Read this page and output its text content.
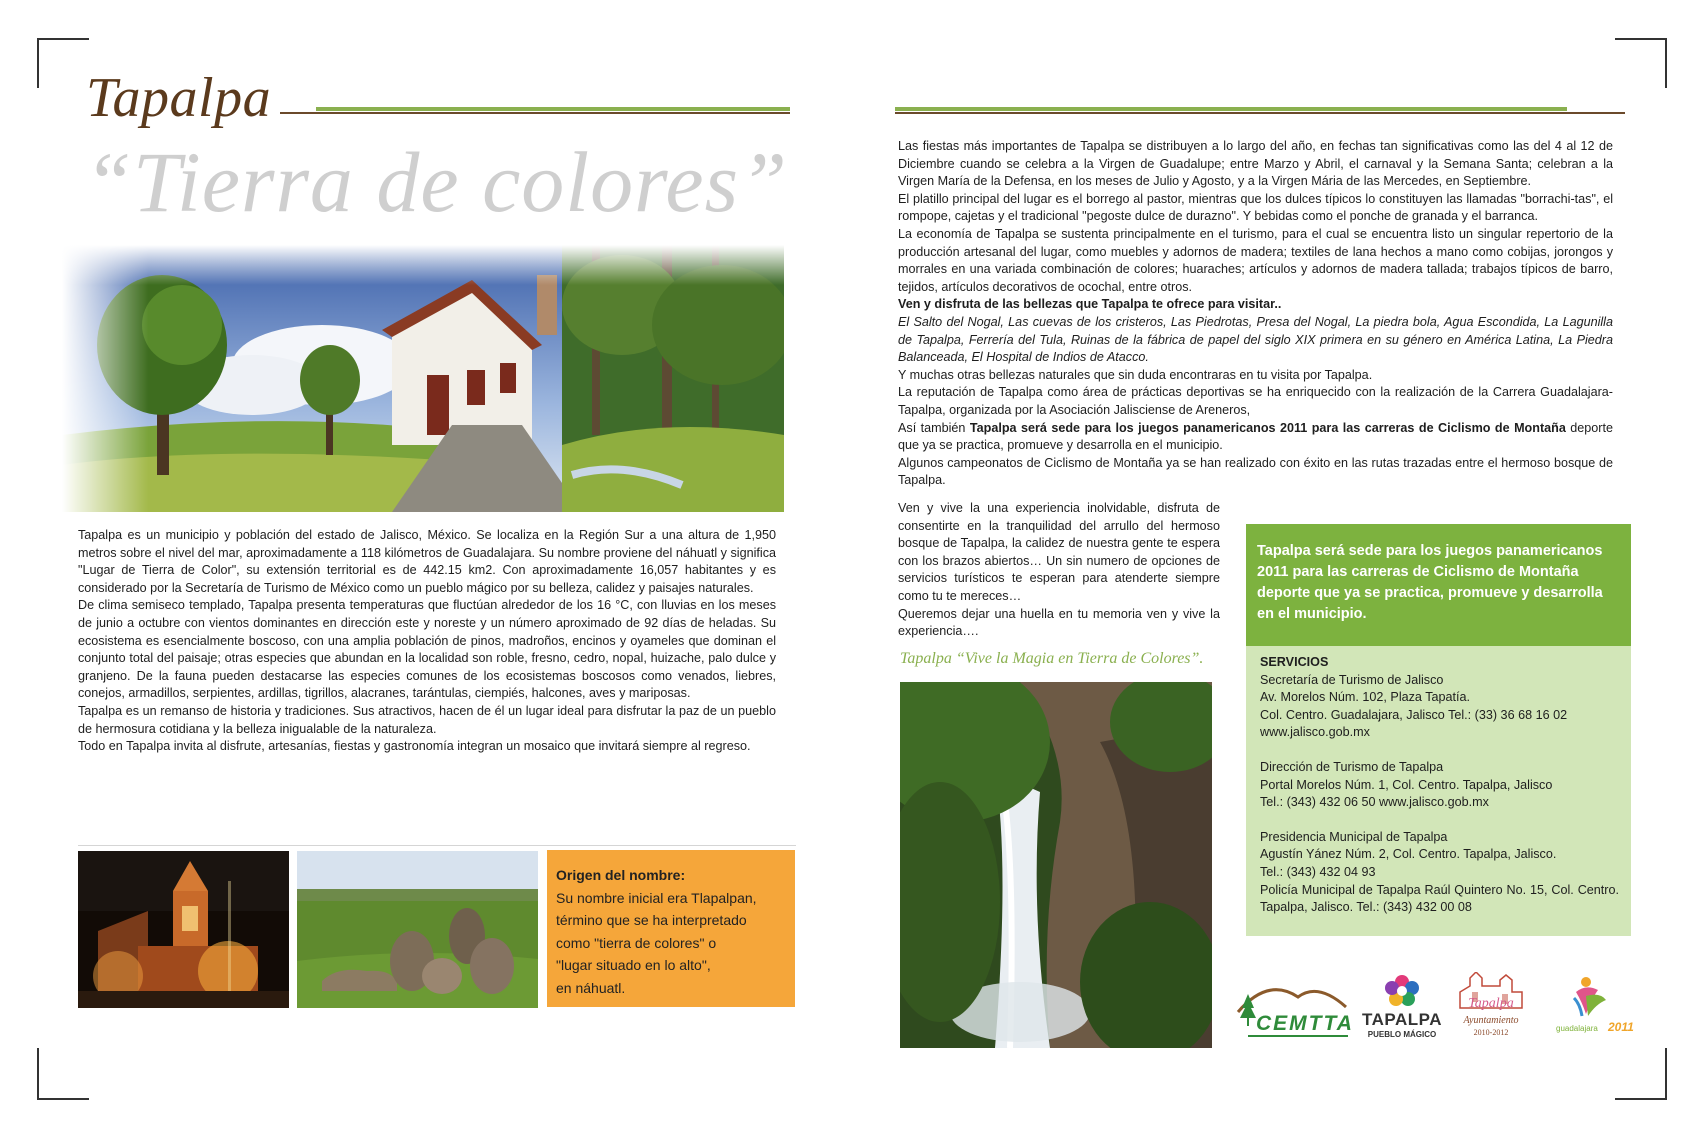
Tapalpa
“Tierra de colores”

Tapalpa es un municipio y población del estado de Jalisco, México. Se localiza en la Región Sur a una altura de 1,950 metros sobre el nivel del mar, aproximadamente a 118 kilómetros de Guadalajara. Su nombre proviene del náhuatl y significa "Lugar de Tierra de Color", su extensión territorial es de 442.15 km2. Con aproximadamente 16,057 habitantes y es considerado por la Secretaría de Turismo de México como un pueblo mágico por su belleza, calidez y paisajes naturales.

De clima semiseco templado, Tapalpa presenta temperaturas que fluctúan alrededor de los 16 °C, con lluvias en los meses de junio a octubre con vientos dominantes en dirección este y noreste y un número aproximado de 92 días de heladas. Su ecosistema es esencialmente boscoso, con una amplia población de pinos, madroños, encinos y oyameles que dominan el conjunto total del paisaje; otras especies que abundan en la localidad son roble, fresno, cedro, nopal, huizache, palo dulce y granjeno. De la fauna pueden destacarse las especies comunes de los ecosistemas boscosos como venados, liebres, conejos, armadillos, serpientes, ardillas, tigrillos, alacranes, tarántulas, ciempiés, halcones, aves y mariposas.

Tapalpa es un remanso de historia y tradiciones. Sus atractivos, hacen de él un lugar ideal para disfrutar la paz de un pueblo de hermosura cotidiana y la belleza inigualable de la naturaleza.

Todo en Tapalpa invita al disfrute, artesanías, fiestas y gastronomía integran un mosaico que invitará siempre al regreso.

Origen del nombre:
Su nombre inicial era Tlapalpan,
término que se ha interpretado
como "tierra de colores" o
"lugar situado en lo alto",
en náhuatl.

Las fiestas más importantes de Tapalpa se distribuyen a lo largo del año, en fechas tan significativas como las del 4 al 12 de Diciembre cuando se celebra a la Virgen de Guadalupe; entre Marzo y Abril, el carnaval y la Semana Santa; celebran a la Virgen María de la Defensa, en los meses de Julio y Agosto, y a la Virgen Mária de las Mercedes, en Septiembre.

El platillo principal del lugar es el borrego al pastor, mientras que los dulces típicos lo constituyen las llamadas "borrachi-tas", el rompope, cajetas y el tradicional "pegoste dulce de durazno". Y bebidas como el ponche de granada y el barranca.

La economía de Tapalpa se sustenta principalmente en el turismo, para el cual se encuentra listo un singular repertorio de la producción artesanal del lugar, como muebles y adornos de madera; textiles de lana hechos a mano como cobijas, jorongos y morrales en una variada combinación de colores; huaraches; artículos y adornos de madera tallada; trabajos típicos de barro, tejidos, artículos decorativos de ocochal, entre otros.

Ven y disfruta de las bellezas que Tapalpa te ofrece para visitar..

El Salto del Nogal, Las cuevas de los cristeros, Las Piedrotas, Presa del Nogal, La piedra bola, Agua Escondida, La Lagunilla de Tapalpa, Ferrería del Tula, Ruinas de la fábrica de papel del siglo XIX primera en su género en América Latina, La Piedra Balanceada, El Hospital de Indios de Atacco.

Y muchas otras bellezas naturales que sin duda encontraras en tu visita por Tapalpa.

La reputación de Tapalpa como área de prácticas deportivas se ha enriquecido con la realización de la Carrera Guadalajara-Tapalpa, organizada por la Asociación Jalisciense de Areneros,

Así también Tapalpa será sede para los juegos panamericanos 2011 para las carreras de Ciclismo de Montaña deporte que ya se practica, promueve y desarrolla en el municipio.

Algunos campeonatos de Ciclismo de Montaña ya se han realizado con éxito en las rutas trazadas entre el hermoso bosque de Tapalpa.

Ven y vive la una experiencia inolvidable, disfruta de consentirte en la tranquilidad del arrullo del hermoso bosque de Tapalpa, la calidez de nuestra gente te espera con los brazos abiertos… Un sin numero de opciones de servicios turísticos te esperan para atenderte siempre como tu te mereces…

Queremos dejar una huella en tu memoria ven y vive la experiencia….

Tapalpa “Vive la Magia en Tierra de Colores”.
Tapalpa será sede para los juegos panamericanos 2011 para las carreras de Ciclismo de Montaña deporte que ya se practica, promueve y desarrolla en el municipio.
SERVICIOS
Secretaría de Turismo de Jalisco
Av. Morelos Núm. 102, Plaza Tapatía.
Col. Centro. Guadalajara, Jalisco Tel.: (33) 36 68 16 02
www.jalisco.gob.mx
Dirección de Turismo de Tapalpa
Portal Morelos Núm. 1, Col. Centro. Tapalpa, Jalisco
Tel.: (343) 432 06 50 www.jalisco.gob.mx
Presidencia Municipal de Tapalpa
Agustín Yánez Núm. 2, Col. Centro. Tapalpa, Jalisco.
Tel.: (343) 432 04 93
Policía Municipal de Tapalpa Raúl Quintero No. 15, Col. Centro. Tapalpa, Jalisco. Tel.: (343) 432 00 08
CEMTTA TAPALPA
PUEBLO MÁGICO
Tapalpa
Ayuntamiento
2010-2012	guadalajara 2011
